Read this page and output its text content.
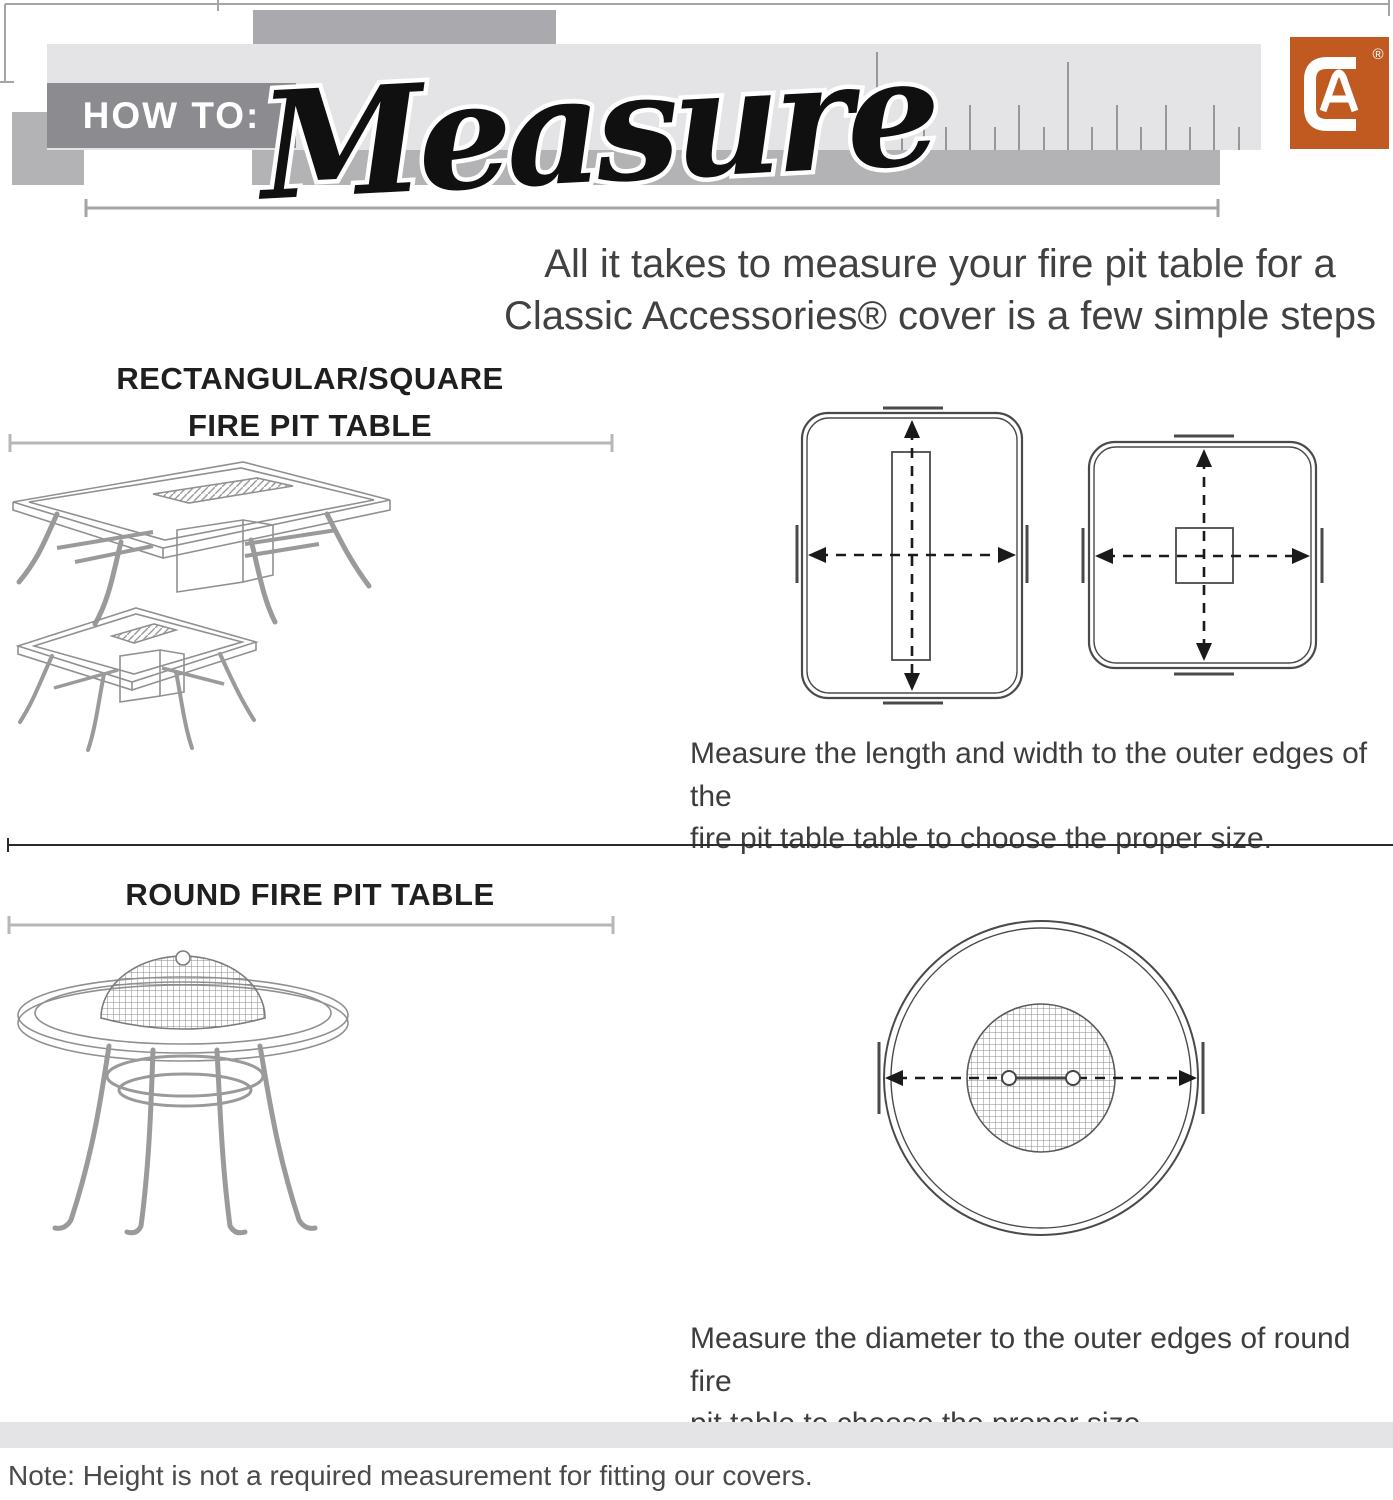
HOW TO:
Measure	®
All it takes to measure your fire pit table for a
Classic Accessories® cover is a few simple steps
RECTANGULAR/SQUARE
FIRE PIT TABLE
Measure the length and width to the outer edges of the
fire pit table table to choose the proper size.
ROUND FIRE PIT TABLE
Measure the diameter to the outer edges of round fire
Note: Height is not a required measurement for fitting our covers.
